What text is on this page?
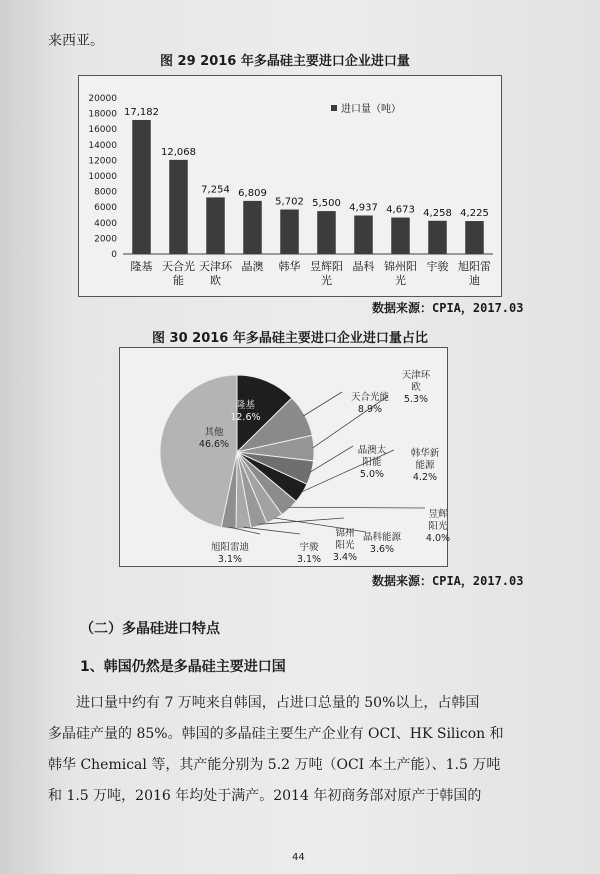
来西亚。
图 29 2016 年多晶硅主要进口企业进口量
0
2000
4000
6000
8000
10000
12000
14000
16000
18000
20000
17,182
隆基
12,068
天合光
能
7,254
天津环
欧
6,809
晶澳
5,702
韩华
5,500
昱辉阳
光
4,937
晶科
4,673
锦州阳
光
4,258
宇骏
4,225
旭阳雷
迪
进口量（吨）
数据来源：CPIA，2017.03
图 30 2016 年多晶硅主要进口企业进口量占比
隆基
12.6%
天合光能
8.9%
天津环
欧
5.3%
晶澳太
阳能
5.0%
韩华新
能源
4.2%
昱辉
阳光
4.0%
晶科能源
3.6%
锦州
阳光
3.4%
宇骏
3.1%
旭阳雷迪
3.1%
其他
46.6%
数据来源：CPIA，2017.03
（二）多晶硅进口特点
1、韩国仍然是多晶硅主要进口国

进口量中约有 7 万吨来自韩国，占进口总量的 50%以上，占韩国

多晶硅产量的 85%。韩国的多晶硅主要生产企业有 OCI、HK Silicon 和

韩华 Chemical 等，其产能分别为 5.2 万吨（OCI 本土产能）、1.5 万吨

和 1.5 万吨，2016 年均处于满产。2014 年初商务部对原产于韩国的

44
